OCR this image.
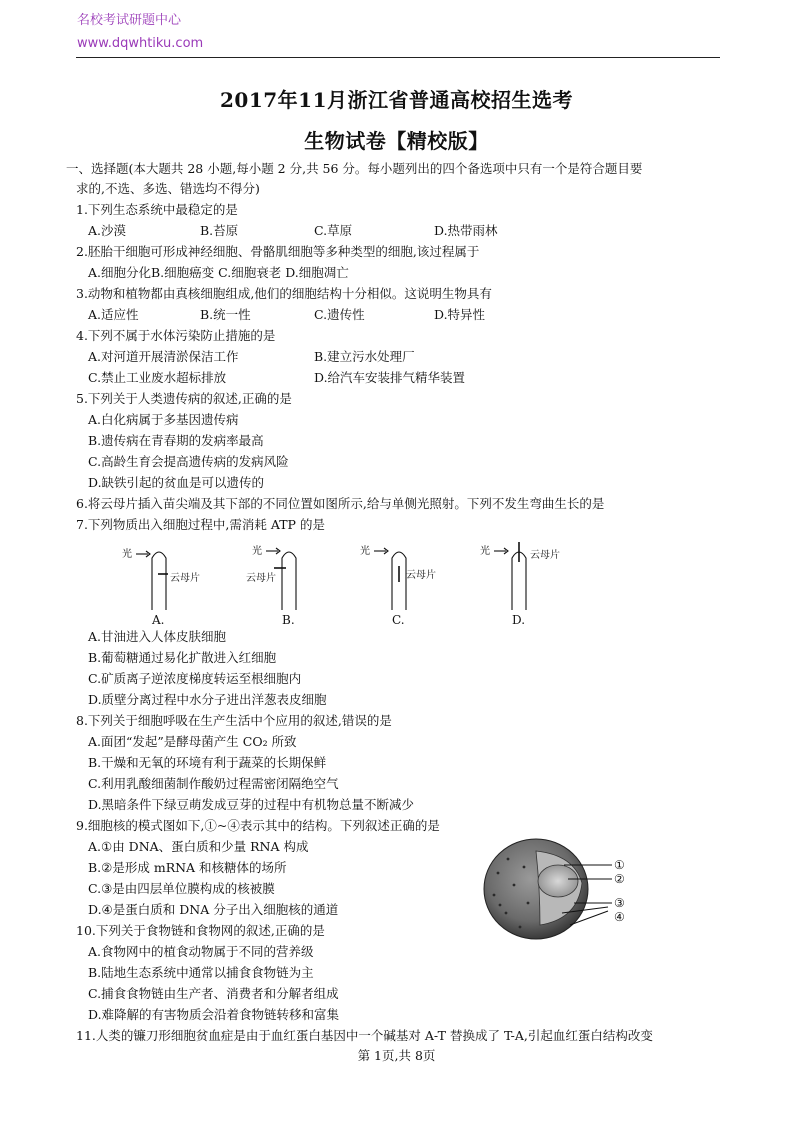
名校考试研题中心
www.dqwhtiku.com
2017年11月浙江省普通高校招生选考
生物试卷【精校版】
一、选择题(本大题共 28 小题,每小题 2 分,共 56 分。每小题列出的四个备选项中只有一个是符合题目要
求的,不选、多选、错选均不得分)
1.下列生态系统中最稳定的是
A.沙漠	B.苔原	C.草原	D.热带雨林
2.胚胎干细胞可形成神经细胞、骨骼肌细胞等多种类型的细胞,该过程属于
A.细胞分化B.细胞癌变 C.细胞衰老 D.细胞凋亡
3.动物和植物都由真核细胞组成,他们的细胞结构十分相似。这说明生物具有
A.适应性	B.统一性	C.遗传性	D.特异性
4.下列不属于水体污染防止措施的是
A.对河道开展清淤保洁工作	B.建立污水处理厂
C.禁止工业废水超标排放	D.给汽车安装排气精华装置
5.下列关于人类遗传病的叙述,正确的是
A.白化病属于多基因遗传病
B.遗传病在青春期的发病率最高
C.高龄生育会提高遗传病的发病风险
D.缺铁引起的贫血是可以遗传的
6.将云母片插入苗尖端及其下部的不同位置如图所示,给与单侧光照射。下列不发生弯曲生长的是
7.下列物质出入细胞过程中,需消耗 ATP 的是
光
云母片
光
云母片
光
云母片
光	云母片
A.	B.	C.	D.
A.甘油进入人体皮肤细胞
B.葡萄糖通过易化扩散进入红细胞
C.矿质离子逆浓度梯度转运至根细胞内
D.质壁分离过程中水分子进出洋葱表皮细胞
8.下列关于细胞呼吸在生产生活中个应用的叙述,错误的是
A.面团“发起”是酵母菌产生 CO₂ 所致
B.干燥和无氧的环境有利于蔬菜的长期保鲜
C.利用乳酸细菌制作酸奶过程需密闭隔绝空气
D.黑暗条件下绿豆萌发成豆芽的过程中有机物总量不断减少
9.细胞核的模式图如下,①~④表示其中的结构。下列叙述正确的是
A.①由 DNA、蛋白质和少量 RNA 构成
B.②是形成 mRNA 和核糖体的场所
C.③是由四层单位膜构成的核被膜
D.④是蛋白质和 DNA 分子出入细胞核的通道
①
②
③
④
10.下列关于食物链和食物网的叙述,正确的是
A.食物网中的植食动物属于不同的营养级
B.陆地生态系统中通常以捕食食物链为主
C.捕食食物链由生产者、消费者和分解者组成
D.难降解的有害物质会沿着食物链转移和富集
11.人类的镰刀形细胞贫血症是由于血红蛋白基因中一个碱基对 A-T 替换成了 T-A,引起血红蛋白结构改变
第 1页,共 8页
